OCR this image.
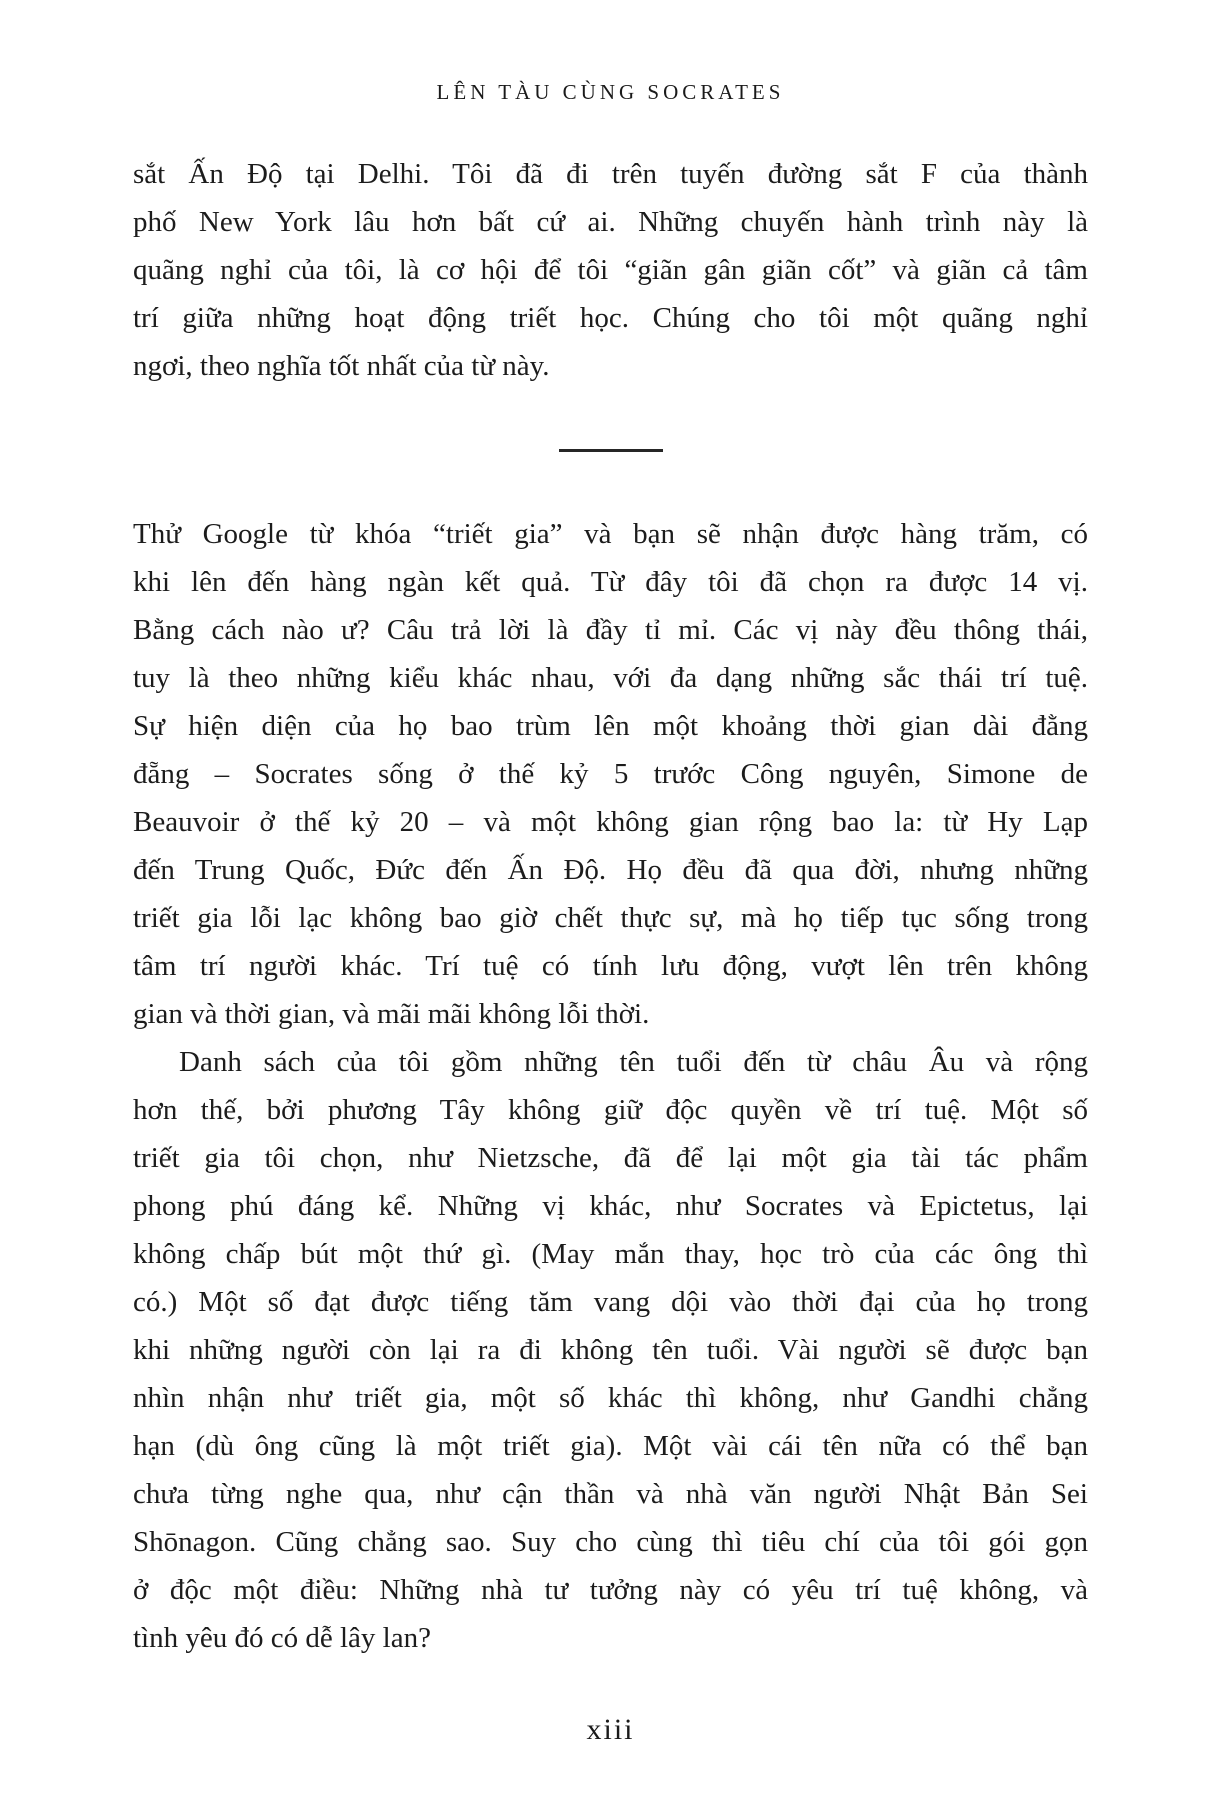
LÊN TÀU CÙNG SOCRATES
sắt Ấn Độ tại Delhi. Tôi đã đi trên tuyến đường sắt F của thành
phố New York lâu hơn bất cứ ai. Những chuyến hành trình này là
quãng nghỉ của tôi, là cơ hội để tôi “giãn gân giãn cốt” và giãn cả tâm
trí giữa những hoạt động triết học. Chúng cho tôi một quãng nghỉ
ngơi, theo nghĩa tốt nhất của từ này.
Thử Google từ khóa “triết gia” và bạn sẽ nhận được hàng trăm, có
khi lên đến hàng ngàn kết quả. Từ đây tôi đã chọn ra được 14 vị.
Bằng cách nào ư? Câu trả lời là đầy tỉ mỉ. Các vị này đều thông thái,
tuy là theo những kiểu khác nhau, với đa dạng những sắc thái trí tuệ.
Sự hiện diện của họ bao trùm lên một khoảng thời gian dài đằng
đẵng – Socrates sống ở thế kỷ 5 trước Công nguyên, Simone de
Beauvoir ở thế kỷ 20 – và một không gian rộng bao la: từ Hy Lạp
đến Trung Quốc, Đức đến Ấn Độ. Họ đều đã qua đời, nhưng những
triết gia lỗi lạc không bao giờ chết thực sự, mà họ tiếp tục sống trong
tâm trí người khác. Trí tuệ có tính lưu động, vượt lên trên không
gian và thời gian, và mãi mãi không lỗi thời.
Danh sách của tôi gồm những tên tuổi đến từ châu Âu và rộng
hơn thế, bởi phương Tây không giữ độc quyền về trí tuệ. Một số
triết gia tôi chọn, như Nietzsche, đã để lại một gia tài tác phẩm
phong phú đáng kể. Những vị khác, như Socrates và Epictetus, lại
không chấp bút một thứ gì. (May mắn thay, học trò của các ông thì
có.) Một số đạt được tiếng tăm vang dội vào thời đại của họ trong
khi những người còn lại ra đi không tên tuổi. Vài người sẽ được bạn
nhìn nhận như triết gia, một số khác thì không, như Gandhi chẳng
hạn (dù ông cũng là một triết gia). Một vài cái tên nữa có thể bạn
chưa từng nghe qua, như cận thần và nhà văn người Nhật Bản Sei
Shōnagon. Cũng chẳng sao. Suy cho cùng thì tiêu chí của tôi gói gọn
ở độc một điều: Những nhà tư tưởng này có yêu trí tuệ không, và
tình yêu đó có dễ lây lan?
xiii
